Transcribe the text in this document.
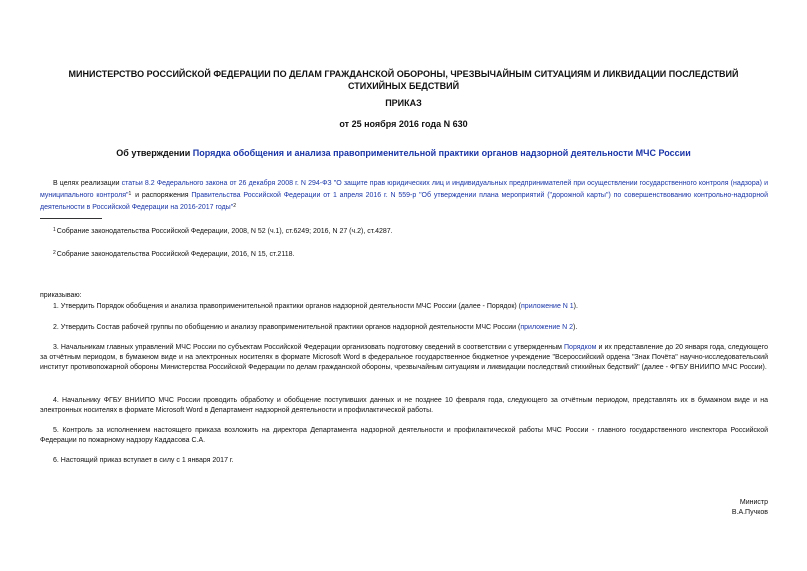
МИНИСТЕРСТВО РОССИЙСКОЙ ФЕДЕРАЦИИ ПО ДЕЛАМ ГРАЖДАНСКОЙ ОБОРОНЫ, ЧРЕЗВЫЧАЙНЫМ СИТУАЦИЯМ И ЛИКВИДАЦИИ ПОСЛЕДСТВИЙ СТИХИЙНЫХ БЕДСТВИЙ
ПРИКАЗ
от 25 ноября 2016 года N 630
Об утверждении Порядка обобщения и анализа правоприменительной практики органов надзорной деятельности МЧС России
В целях реализации статьи 8.2 Федерального закона от 26 декабря 2008 г. N 294-ФЗ "О защите прав юридических лиц и индивидуальных предпринимателей при осуществлении государственного контроля (надзора) и муниципального контроля"$^1$ и распоряжения Правительства Российской Федерации от 1 апреля 2016 г. N 559-р "Об утверждении плана мероприятий ("дорожной карты") по совершенствованию контрольно-надзорной деятельности в Российской Федерации на 2016-2017 годы"$^2$
$^1$Собрание законодательства Российской Федерации, 2008, N 52 (ч.1), ст.6249; 2016, N 27 (ч.2), ст.4287.
$^2$Собрание законодательства Российской Федерации, 2016, N 15, ст.2118.
приказываю:
1. Утвердить Порядок обобщения и анализа правоприменительной практики органов надзорной деятельности МЧС России (далее - Порядок) (приложение N 1).
2. Утвердить Состав рабочей группы по обобщению и анализу правоприменительной практики органов надзорной деятельности МЧС России (приложение N 2).
3. Начальникам главных управлений МЧС России по субъектам Российской Федерации организовать подготовку сведений в соответствии с утвержденным Порядком и их представление до 20 января года, следующего за отчётным периодом, в бумажном виде и на электронных носителях в формате Microsoft Word в федеральное государственное бюджетное учреждение "Всероссийский ордена "Знак Почёта" научно-исследовательский институт противопожарной обороны Министерства Российской Федерации по делам гражданской обороны, чрезвычайным ситуациям и ликвидации последствий стихийных бедствий" (далее - ФГБУ ВНИИПО МЧС России).
4. Начальнику ФГБУ ВНИИПО МЧС России проводить обработку и обобщение поступивших данных и не позднее 10 февраля года, следующего за отчётным периодом, представлять их в бумажном виде и на электронных носителях в формате Microsoft Word в Департамент надзорной деятельности и профилактической работы.
5. Контроль за исполнением настоящего приказа возложить на директора Департамента надзорной деятельности и профилактической работы МЧС России - главного государственного инспектора Российской Федерации по пожарному надзору Каддасова С.А.
6. Настоящий приказ вступает в силу с 1 января 2017 г.
Министр
В.А.Пучков
